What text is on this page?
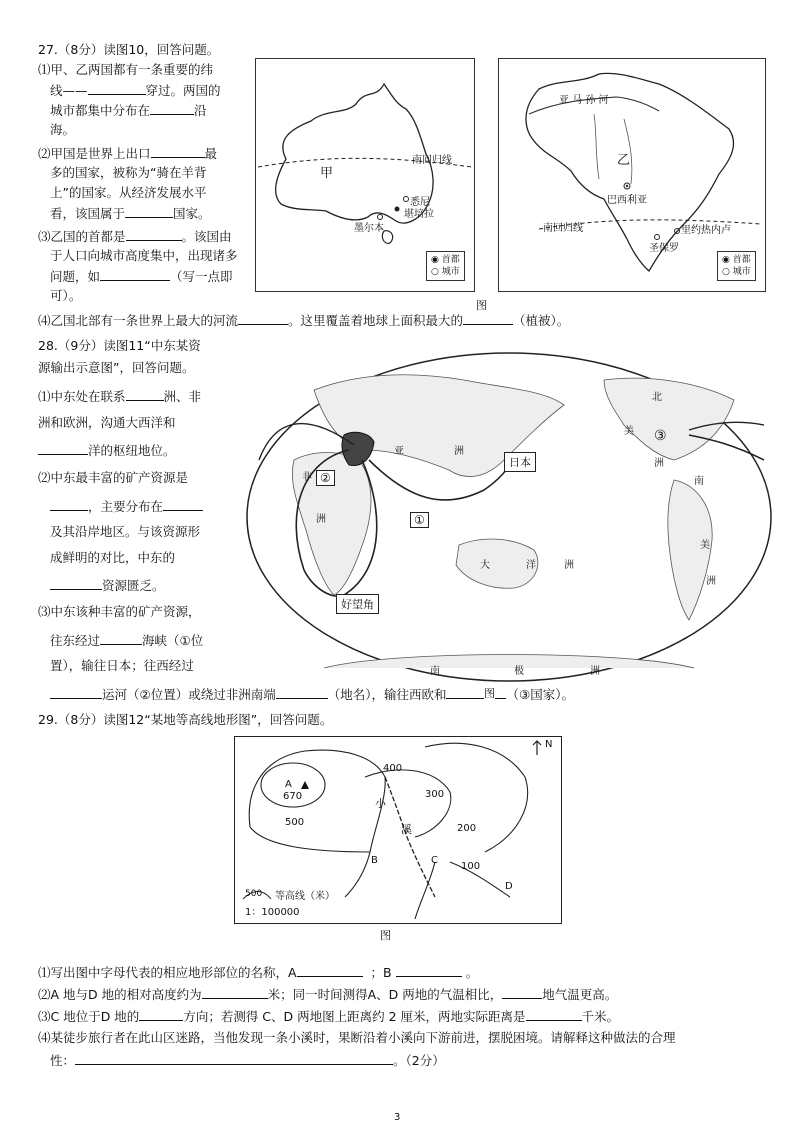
27.（8分）读图10，回答问题。
⑴甲、乙两国都有一条重要的纬
线——	穿过。两国的
城市都集中分布在	沿
海。
⑵甲国是世界上出口	最
多的国家，被称为“骑在羊背
上”的国家。从经济发展水平
看，该国属于	国家。
⑶乙国的首都是	。该国由
于人口向城市高度集中，出现诸多
问题，如	（写一点即
可）。
甲
南回归线
悉尼
堪培拉
墨尔本
◉ 首都
○ 城市
亚 马 孙 河
乙
巴西利亚
南回归线	里约热内卢
圣保罗
◉ 首都
○ 城市
图
⑷乙国北部有一条世界上最大的河流	。这里覆盖着地球上面积最大的	（植被）。
28.（9分）读图11“中东某资
源输出示意图”，回答问题。
⑴中东处在联系	洲、非
洲和欧洲，沟通大西洋和
洋的枢纽地位。
⑵中东最丰富的矿产资源是
，主要分布在
及其沿岸地区。与该资源形
成鲜明的对比，中东的
资源匮乏。
⑶中东该种丰富的矿产资源，
往东经过	海峡（①位
置），输往日本；往西经过
日本
好望角
①
②
③
亚	洲
非
洲
大	洋	洲
北
美
南
美
洲
洲
南	极	洲
运河（②位置）或绕过非洲南端	（地名），输往西欧和	（③国家）。
图
29.（8分）读图12“某地等高线地形图”，回答问题。
A
670
B	C
D
小
溪
400
300
200
500
100
N
500 等高线（米）
1：100000
图
⑴写出图中字母代表的相应地形部位的名称，A	；B	。
⑵A 地与D 地的相对高度约为	米；同一时间测得A、D 两地的气温相比，	地气温更高。
⑶C 地位于D 地的	方向；若测得 C、D 两地图上距离约 2 厘米，两地实际距离是	千米。
⑷某徒步旅行者在此山区迷路，当他发现一条小溪时，果断沿着小溪向下游前进，摆脱困境。请解释这种做法的合理
性：	。（2分）
3
